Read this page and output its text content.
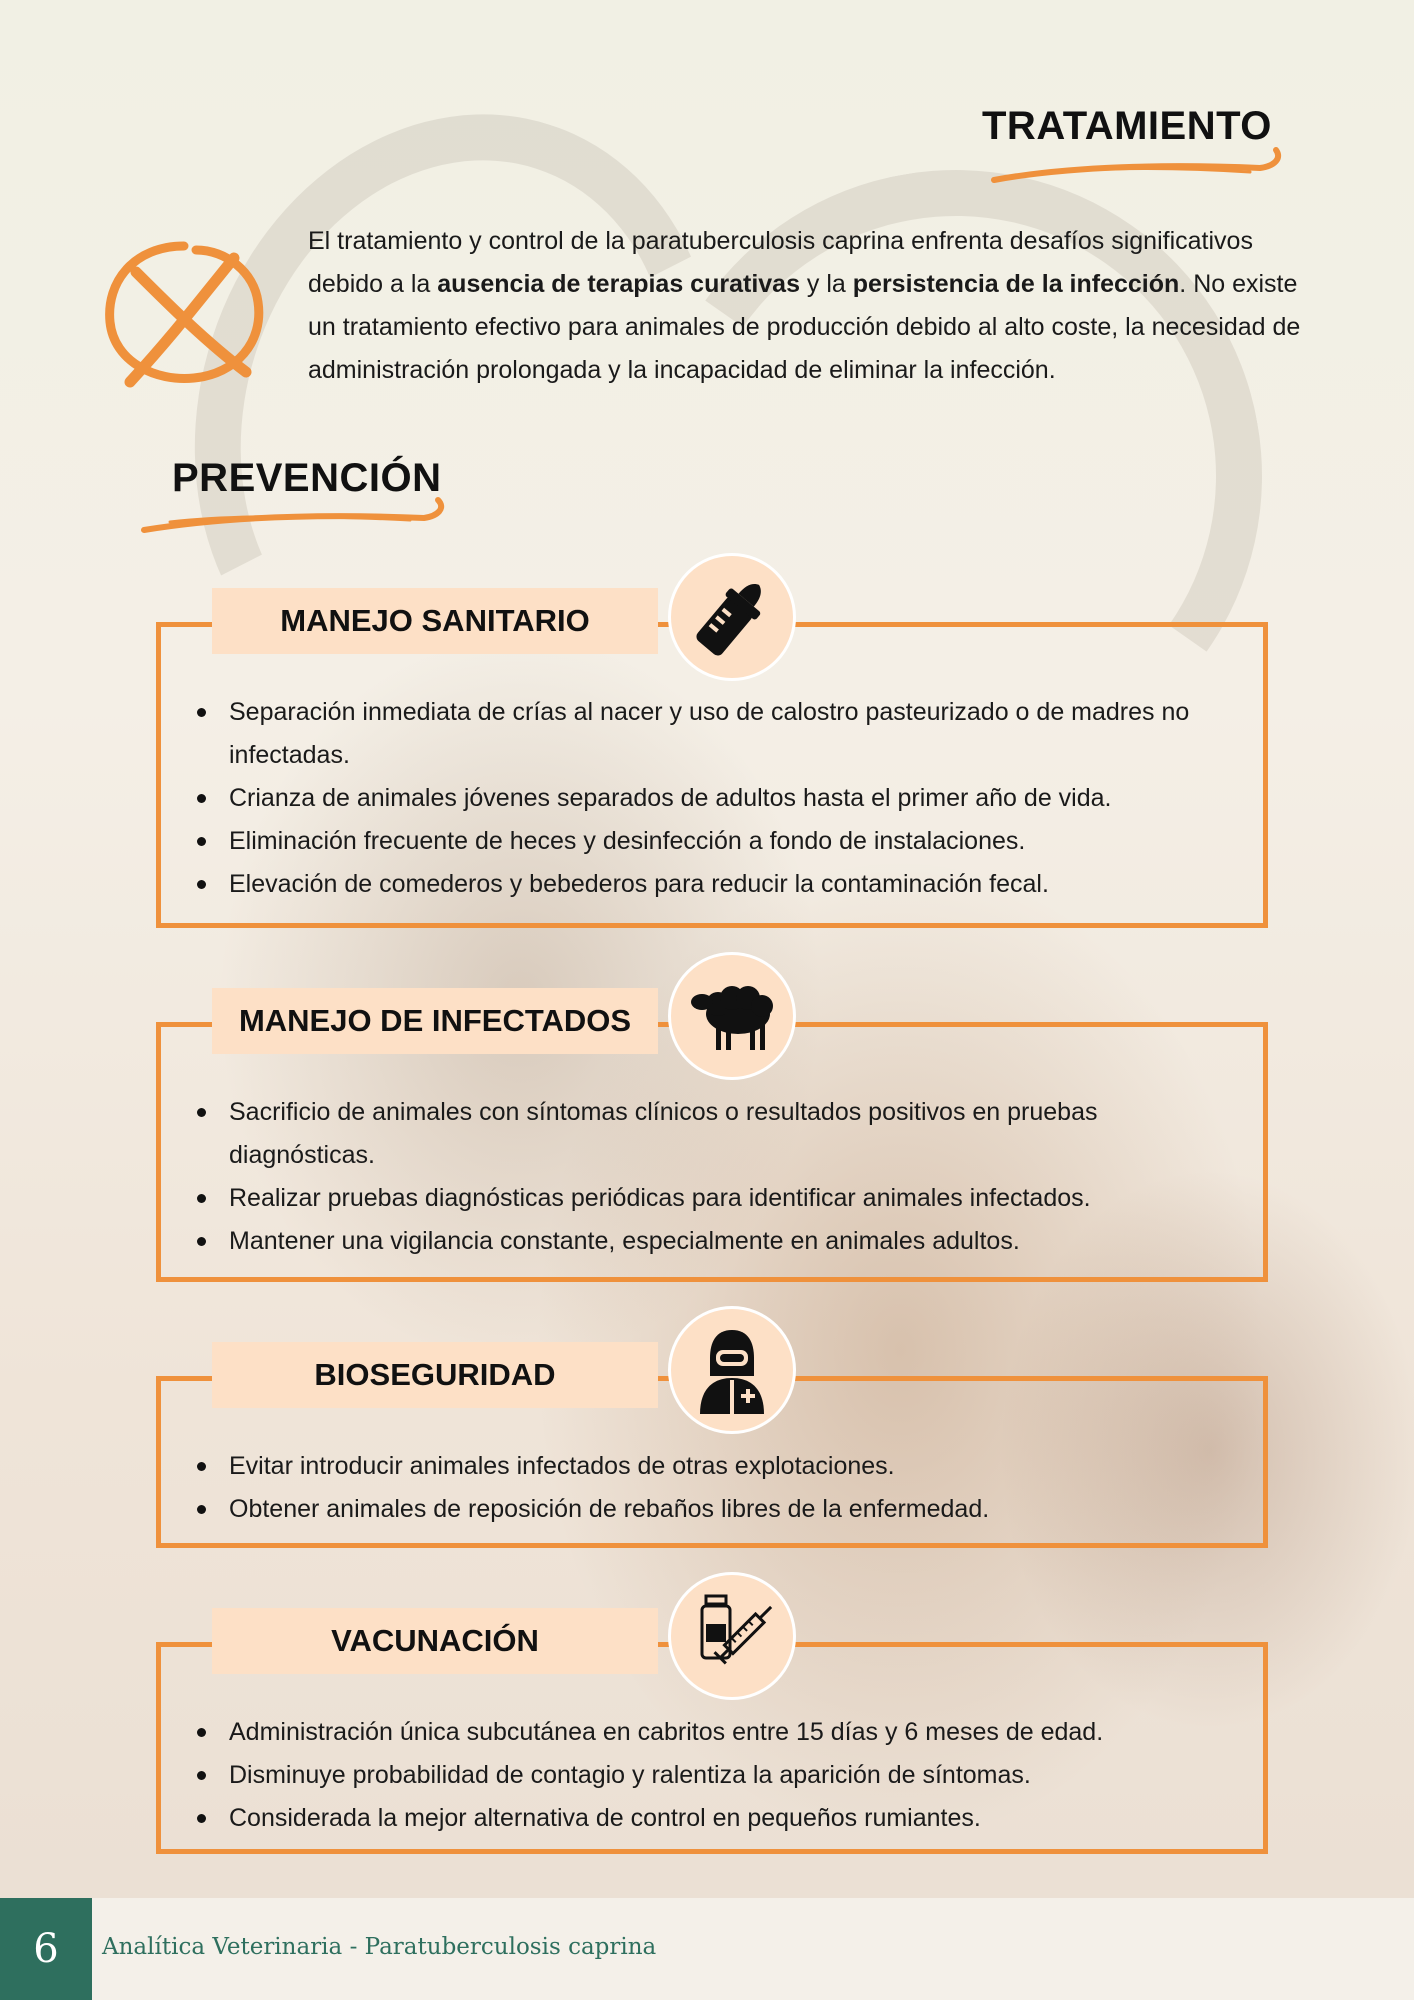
TRATAMIENTO

El tratamiento y control de la paratuberculosis caprina enfrenta desafíos significativos debido a la ausencia de terapias curativas y la persistencia de la infección. No existe un tratamiento efectivo para animales de producción debido al alto coste, la necesidad de administración prolongada y la incapacidad de eliminar la infección.

PREVENCIÓN
Separación inmediata de crías al nacer y uso de calostro pasteurizado o de madres no infectadas.
Crianza de animales jóvenes separados de adultos hasta el primer año de vida.
Eliminación frecuente de heces y desinfección a fondo de instalaciones.
Elevación de comederos y bebederos para reducir la contaminación fecal.
MANEJO SANITARIO
Sacrificio de animales con síntomas clínicos o resultados positivos en pruebas diagnósticas.
Realizar pruebas diagnósticas periódicas para identificar animales infectados.
Mantener una vigilancia constante, especialmente en animales adultos.
MANEJO DE INFECTADOS
Evitar introducir animales infectados de otras explotaciones.
Obtener animales de reposición de rebaños libres de la enfermedad.
BIOSEGURIDAD
Administración única subcutánea en cabritos entre 15 días y 6 meses de edad.
Disminuye probabilidad de contagio y ralentiza la aparición de síntomas.
Considerada la mejor alternativa de control en pequeños rumiantes.
VACUNACIÓN
6	Analítica Veterinaria - Paratuberculosis caprina
